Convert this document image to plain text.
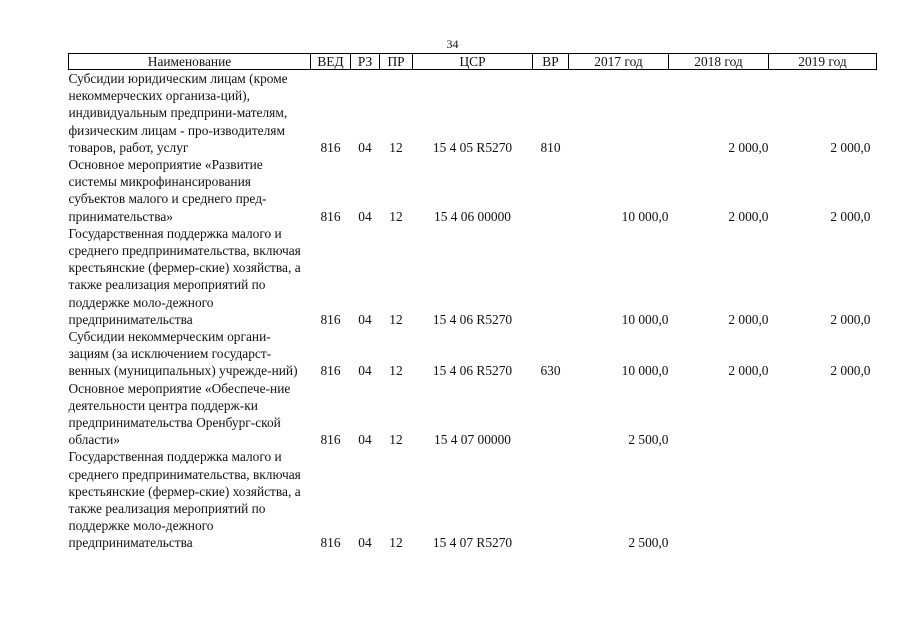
34
Наименование	ВЕД	РЗ	ПР	ЦСР	ВР	2017 год	2018 год	2019 год
Субсидии юридическим лицам (кроме некоммерческих организа-ций), индивидуальным предприни-мателям, физическим лицам - про-изводителям товаров, работ, услуг	816	04	12	15 4 05 R5270	810		2 000,0	2 000,0
Основное мероприятие «Развитие системы микрофинансирования субъектов малого и среднего пред-принимательства»	816	04	12	15 4 06 00000		10 000,0	2 000,0	2 000,0
Государственная поддержка малого и среднего предпринимательства, включая крестьянские (фермер-ские) хозяйства, а также реализация мероприятий по поддержке моло-дежного предпринимательства	816	04	12	15 4 06 R5270		10 000,0	2 000,0	2 000,0
Субсидии некоммерческим органи-зациям (за исключением государст-венных (муниципальных) учрежде-ний)	816	04	12	15 4 06 R5270	630	10 000,0	2 000,0	2 000,0
Основное мероприятие «Обеспече-ние деятельности центра поддерж-ки предпринимательства Оренбург-ской области»	816	04	12	15 4 07 00000		2 500,0		
Государственная поддержка малого и среднего предпринимательства, включая крестьянские (фермер-ские) хозяйства, а также реализация мероприятий по поддержке моло-дежного предпринимательства	816	04	12	15 4 07 R5270		2 500,0		
